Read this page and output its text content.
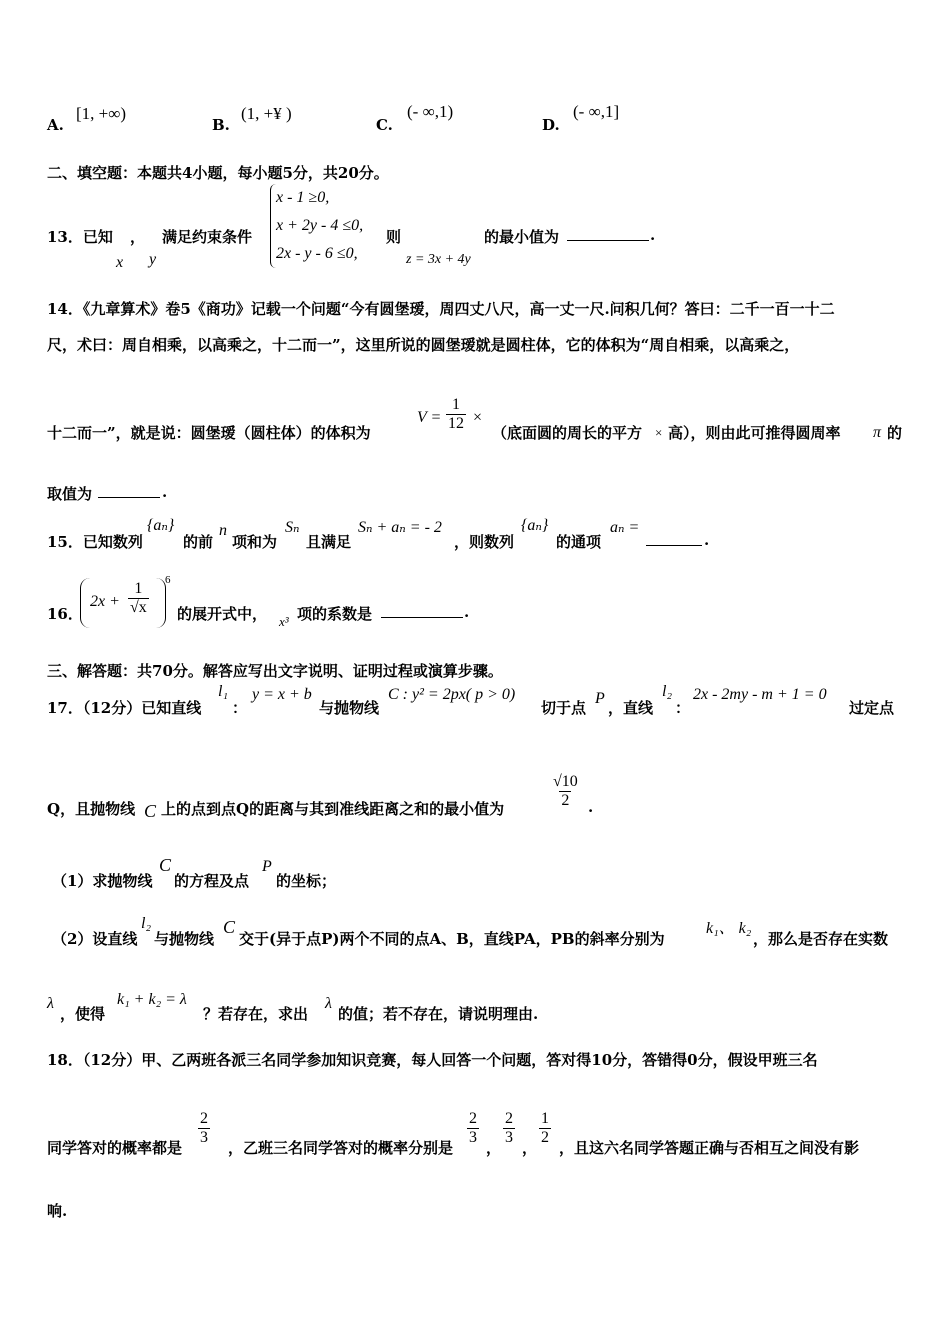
A.
[1, +∞)
B.
(1, +¥ )
C.
(- ∞,1)
D.
(- ∞,1]
二、填空题：本题共4小题，每小题5分，共20分。
13．已知 ， 满足约束条件
x y
x - 1 ≥0,
x + 2y - 4 ≤0,
2x - y - 6 ≤0,
则
z = 3x + 4y
的最小值为	.
14．《九章算术》卷5《商功》记载一个问题“今有圆堡瑷，周四丈八尺，高一丈一尺.问积几何？答曰：二千一百一十二
尺，术曰：周自相乘，以高乘之，十二而一”，这里所说的圆堡瑷就是圆柱体，它的体积为“周自相乘，以高乘之，
十二而一”，就是说：圆堡瑷（圆柱体）的体积为
$V = \frac{1}{12}$ ×
（底面圆的周长的平方 × 高），则由此可推得圆周率 π 的
取值为	.
15．已知数列
{aₙ}
的前
n
项和为
Sₙ
且满足
Sₙ + aₙ = - 2
，则数列
{aₙ}
的通项
aₙ =
.
16．
$2x + \frac{1}{√x} 6$
的展开式中， x³ 项的系数是	.
三、解答题：共70分。解答应写出文字说明、证明过程或演算步骤。
17．（12分）已知直线
l₁
：
y = x + b
与抛物线
C : y² = 2px( p > 0)
切于点
P
，直线
l₂
：
2x - 2my - m + 1 = 0
过定点
Q，且抛物线 C 上的点到点Q的距离与其到准线距离之和的最小值为	$\frac{√10}{2}$ .
（1）求抛物线
C
的方程及点
P
的坐标；
（2）设直线
l₂
与抛物线
C
交于(异于点P)两个不同的点A、B，直线PA，PB的斜率分别为
k₁、 k₂
，那么是否存在实数
λ
，使得
k₁ + k₂ = λ
？若存在，求出
λ
的值；若不存在，请说明理由.
18．（12分）甲、乙两班各派三名同学参加知识竞赛，每人回答一个问题，答对得10分，答错得0分，假设甲班三名
同学答对的概率都是
$\frac{2}{3}$
，乙班三名同学答对的概率分别是
$\frac{2}{3}$
，
$\frac{2}{3}$
，
$\frac{1}{2}$
，且这六名同学答题正确与否相互之间没有影
响.
